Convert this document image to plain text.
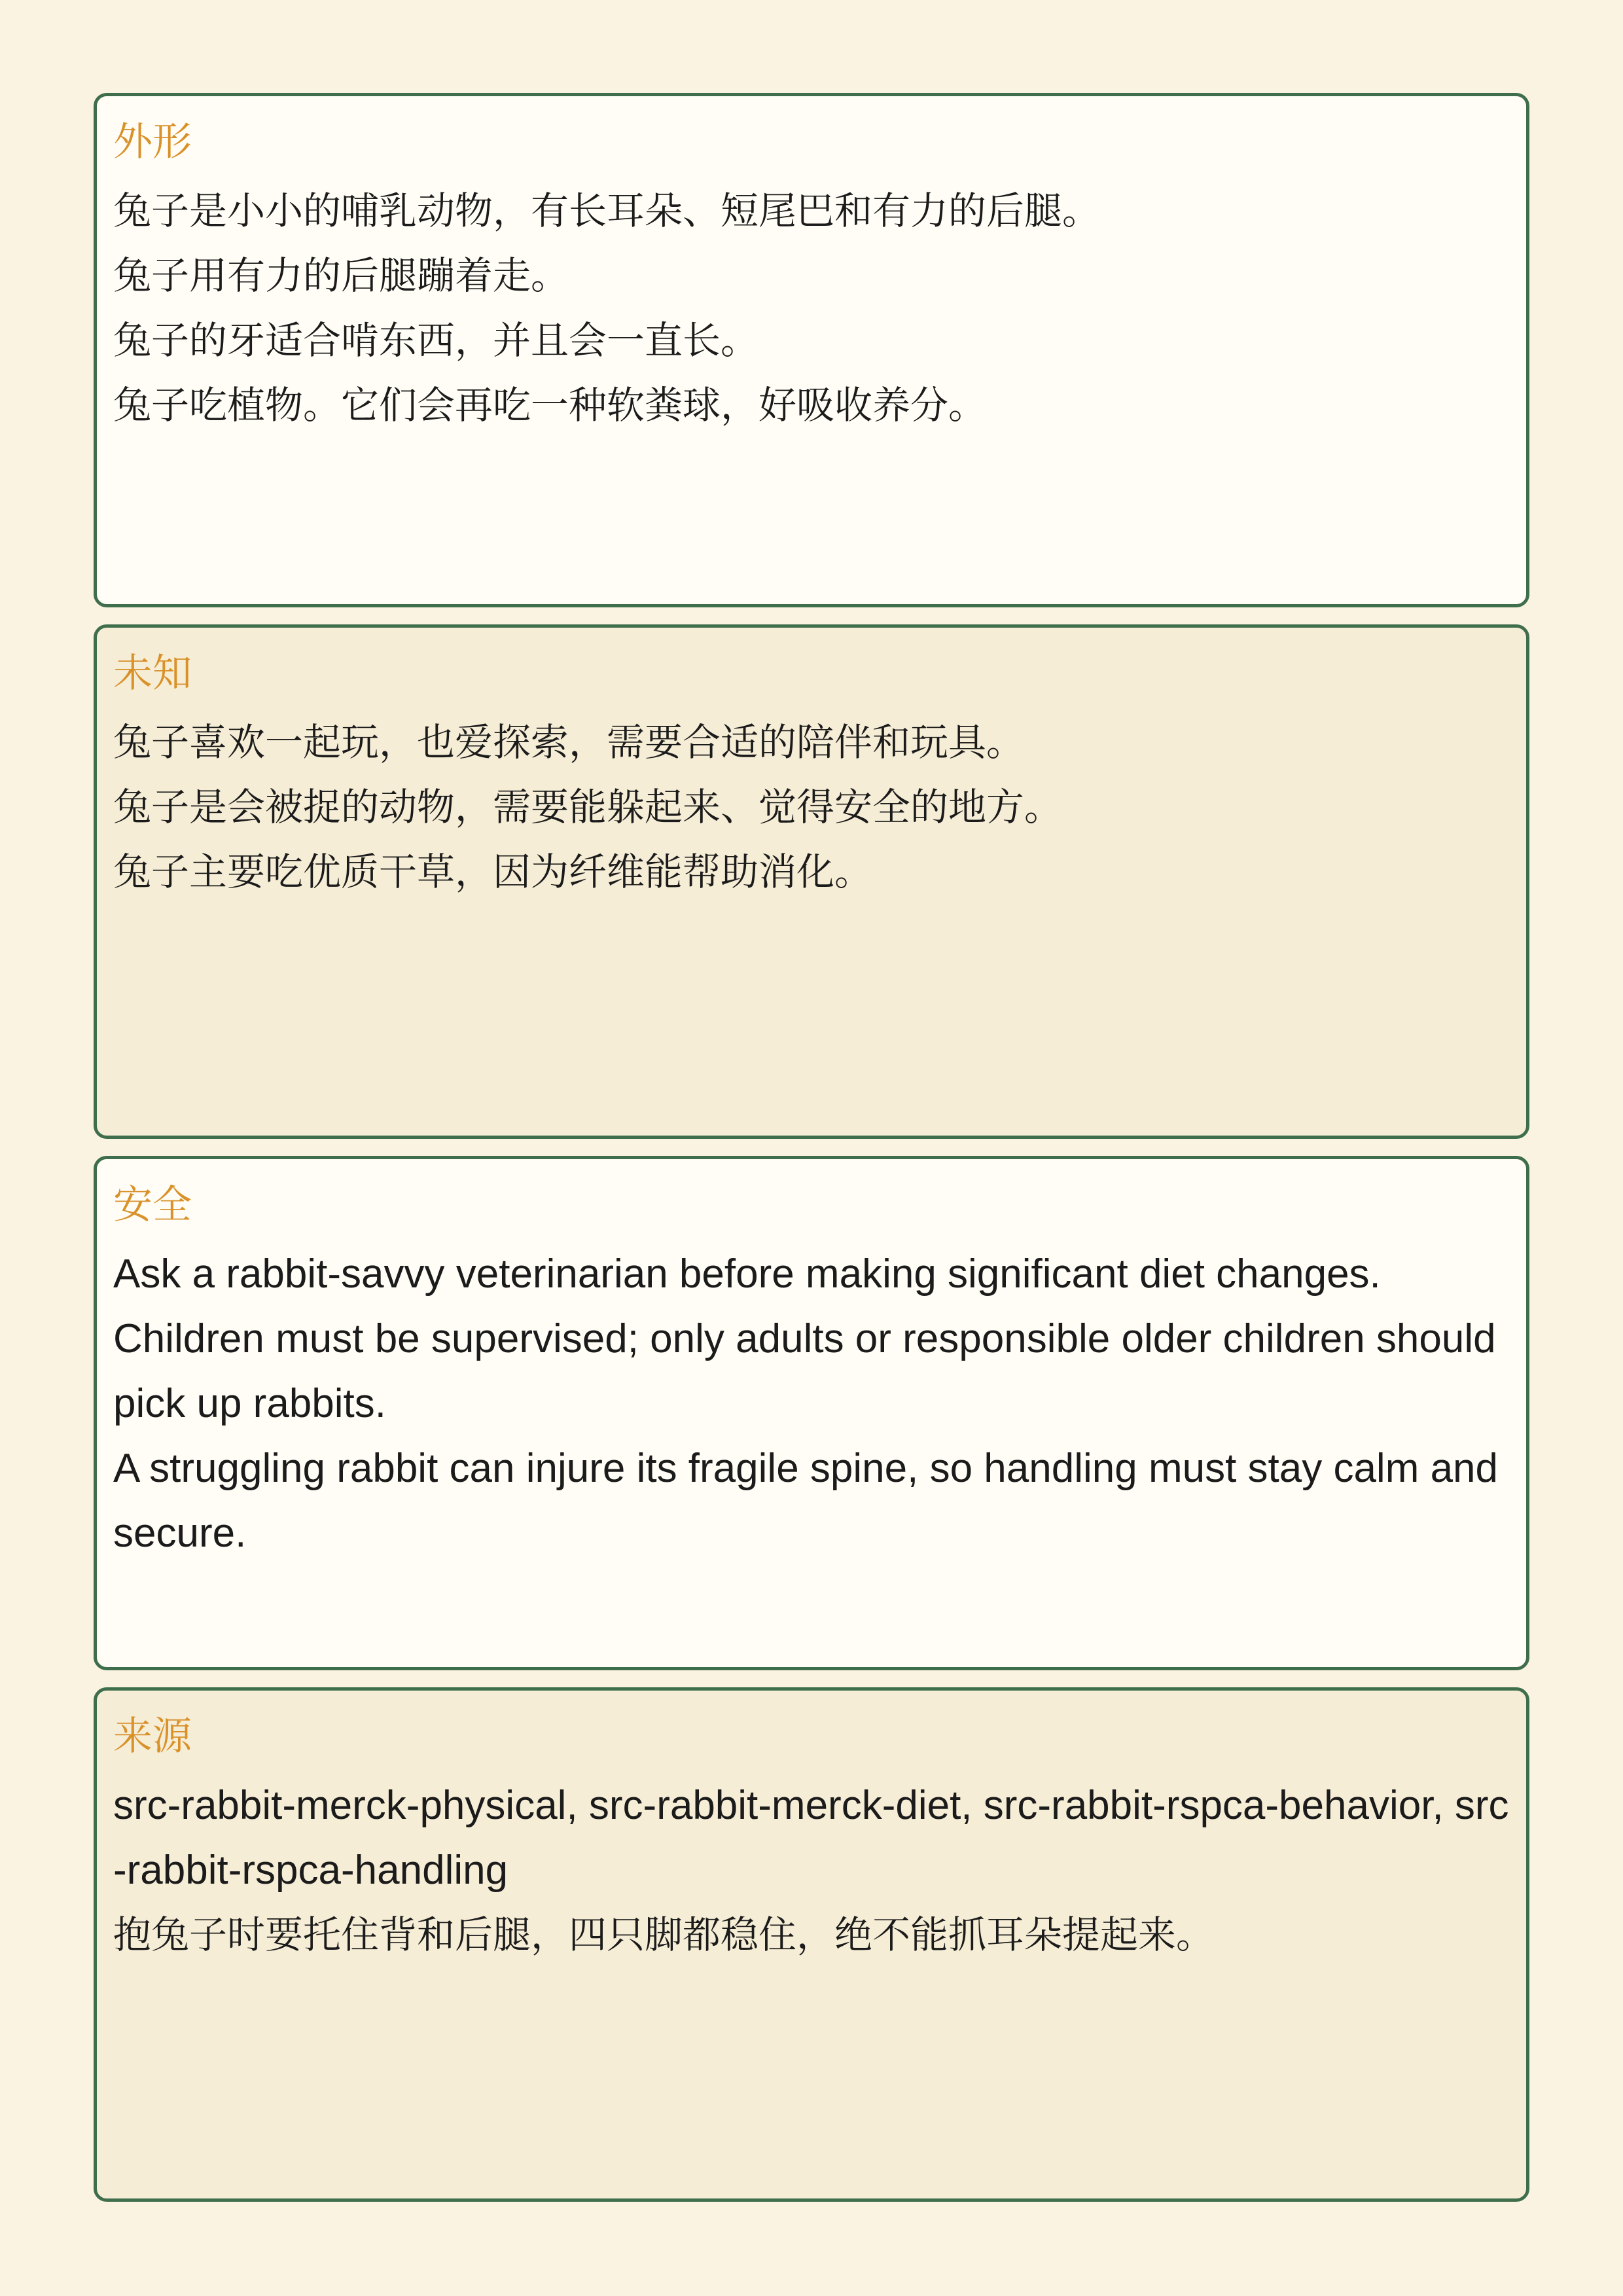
外形

兔子是小小的哺乳动物，有长耳朵、短尾巴和有力的后腿。

兔子用有力的后腿蹦着走。

兔子的牙适合啃东西，并且会一直长。

兔子吃植物。它们会再吃一种软粪球，好吸收养分。

未知

兔子喜欢一起玩，也爱探索，需要合适的陪伴和玩具。

兔子是会被捉的动物，需要能躲起来、觉得安全的地方。

兔子主要吃优质干草，因为纤维能帮助消化。

安全

Ask a rabbit-savvy veterinarian before making significant diet changes.

Children must be supervised; only adults or responsible older children should pick up rabbits.

A struggling rabbit can injure its fragile spine, so handling must stay calm and secure.

来源

src-rabbit-merck-physical, src-rabbit-merck-diet, src-rabbit-rspca-behavior, src-rabbit-rspca-handling

抱兔子时要托住背和后腿，四只脚都稳住，绝不能抓耳朵提起来。
